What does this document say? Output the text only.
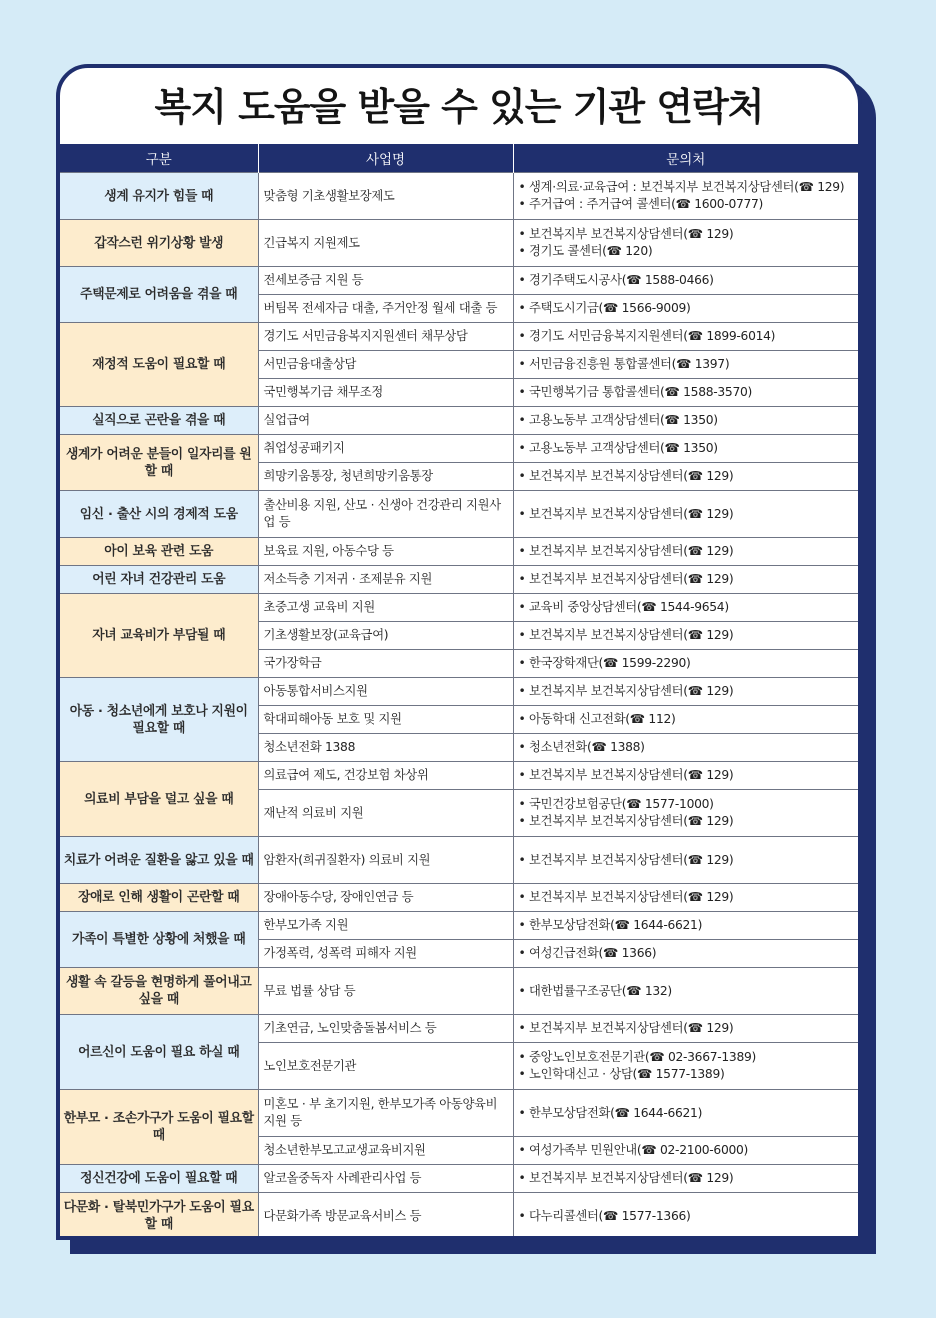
복지 도움을 받을 수 있는 기관 연락처
구분	사업명	문의처
생계 유지가 힘들 때	맞춤형 기초생활보장제도	• 생계·의료·교육급여 : 보건복지부 보건복지상담센터(☎ 129)
• 주거급여 : 주거급여 콜센터(☎ 1600-0777)

갑작스런 위기상황 발생	긴급복지 지원제도	• 보건복지부 보건복지상담센터(☎ 129)
• 경기도 콜센터(☎ 120)

주택문제로 어려움을 겪을 때	전세보증금 지원 등	• 경기주택도시공사(☎ 1588-0466)

	버팀목 전세자금 대출, 주거안정 월세 대출 등	• 주택도시기금(☎ 1566-9009)

재정적 도움이 필요할 때	경기도 서민금융복지지원센터 채무상담	• 경기도 서민금융복지지원센터(☎ 1899-6014)

	서민금융대출상담	• 서민금융진흥원 통합콜센터(☎ 1397)

	국민행복기금 채무조정	• 국민행복기금 통합콜센터(☎ 1588-3570)

실직으로 곤란을 겪을 때	실업급여	• 고용노동부 고객상담센터(☎ 1350)

생계가 어려운 분들이 일자리를 원할 때	취업성공패키지	• 고용노동부 고객상담센터(☎ 1350)

	희망키움통장, 청년희망키움통장	• 보건복지부 보건복지상담센터(☎ 129)

임신 · 출산 시의 경제적 도움	출산비용 지원, 산모 · 신생아 건강관리 지원사업 등	• 보건복지부 보건복지상담센터(☎ 129)

아이 보육 관련 도움	보육료 지원, 아동수당 등	• 보건복지부 보건복지상담센터(☎ 129)

어린 자녀 건강관리 도움	저소득층 기저귀 · 조제분유 지원	• 보건복지부 보건복지상담센터(☎ 129)

자녀 교육비가 부담될 때	초중고생 교육비 지원	• 교육비 중앙상담센터(☎ 1544-9654)

	기초생활보장(교육급여)	• 보건복지부 보건복지상담센터(☎ 129)

	국가장학금	• 한국장학재단(☎ 1599-2290)

아동 · 청소년에게 보호나 지원이 필요할 때	아동통합서비스지원	• 보건복지부 보건복지상담센터(☎ 129)

	학대피해아동 보호 및 지원	• 아동학대 신고전화(☎ 112)

	청소년전화 1388	• 청소년전화(☎ 1388)

의료비 부담을 덜고 싶을 때	의료급여 제도, 건강보험 차상위	• 보건복지부 보건복지상담센터(☎ 129)

	재난적 의료비 지원	• 국민건강보험공단(☎ 1577-1000)
• 보건복지부 보건복지상담센터(☎ 129)

치료가 어려운 질환을 앓고 있을 때	암환자(희귀질환자) 의료비 지원	• 보건복지부 보건복지상담센터(☎ 129)

장애로 인해 생활이 곤란할 때	장애아동수당, 장애인연금 등	• 보건복지부 보건복지상담센터(☎ 129)

가족이 특별한 상황에 처했을 때	한부모가족 지원	• 한부모상담전화(☎ 1644-6621)

	가정폭력, 성폭력 피해자 지원	• 여성긴급전화(☎ 1366)

생활 속 갈등을 현명하게 풀어내고 싶을 때	무료 법률 상담 등	• 대한법률구조공단(☎ 132)

어르신이 도움이 필요 하실 때	기초연금, 노인맞춤돌봄서비스 등	• 보건복지부 보건복지상담센터(☎ 129)

	노인보호전문기관	• 중앙노인보호전문기관(☎ 02-3667-1389)
• 노인학대신고 · 상담(☎ 1577-1389)

한부모 · 조손가구가 도움이 필요할 때	미혼모 · 부 초기지원, 한부모가족 아동양육비 지원 등	• 한부모상담전화(☎ 1644-6621)

	청소년한부모고교생교육비지원	• 여성가족부 민원안내(☎ 02-2100-6000)

정신건강에 도움이 필요할 때	알코올중독자 사례관리사업 등	• 보건복지부 보건복지상담센터(☎ 129)

다문화 · 탈북민가구가 도움이 필요할 때	다문화가족 방문교육서비스 등	• 다누리콜센터(☎ 1577-1366)
